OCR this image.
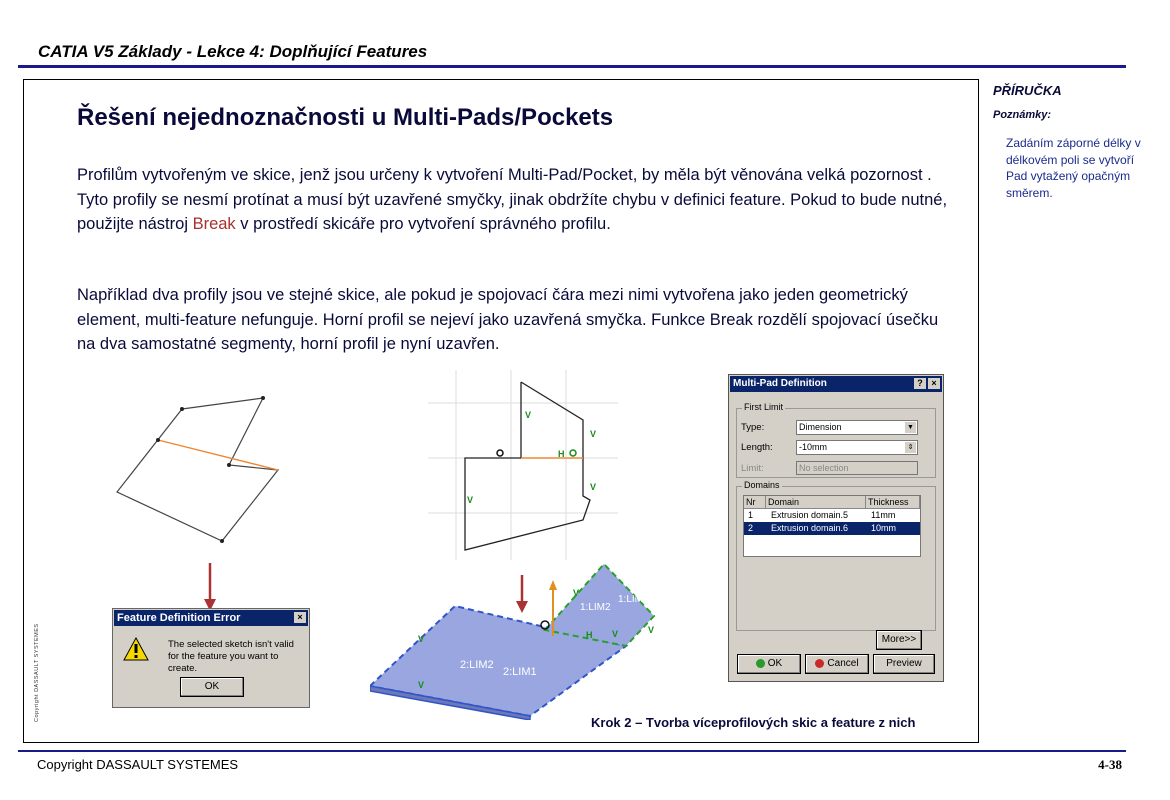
CATIA V5 Základy - Lekce 4: Doplňující Features
Řešení nejednoznačnosti u Multi-Pads/Pockets
Profilům vytvořeným ve skice, jenž jsou určeny k vytvoření Multi-Pad/Pocket, by měla být věnována velká pozornost . Tyto profily se nesmí protínat a musí být uzavřené smyčky, jinak obdržíte chybu v definici feature. Pokud to bude nutné, použijte nástroj Break v prostředí skicáře pro vytvoření správného profilu.
Například dva profily jsou ve stejné skice, ale pokud je spojovací čára mezi nimi vytvořena jako jeden geometrický element, multi-feature nefunguje. Horní profil se nejeví jako uzavřená smyčka. Funkce Break rozdělí spojovací úsečku na dva samostatné segmenty, horní profil je nyní uzavřen.
PŘÍRUČKA
Poznámky:
Zadáním záporné délky v délkovém poli se vytvoří Pad vytažený opačným směrem.
Copyright DASSAULT SYSTEMES
Feature Definition Error	×
The selected sketch isn't valid for the feature you want to create.
OK
V
V
V
V
H
2:LIM2
2:LIM1
1:LIM2
1:LIM1
V
V
V	V
V
H
Multi-Pad Definition	? ×
First Limit
Type:	Dimension	▼
Length:	-10mm	⇕
Limit:	No selection
Domains
Nr	Domain	Thickness
1 Extrusion domain.5	11mm
2 Extrusion domain.6	10mm
More>>
OK	Cancel	Preview
Krok 2 – Tvorba víceprofilových skic a feature z nich
Copyright DASSAULT SYSTEMES	4-38
